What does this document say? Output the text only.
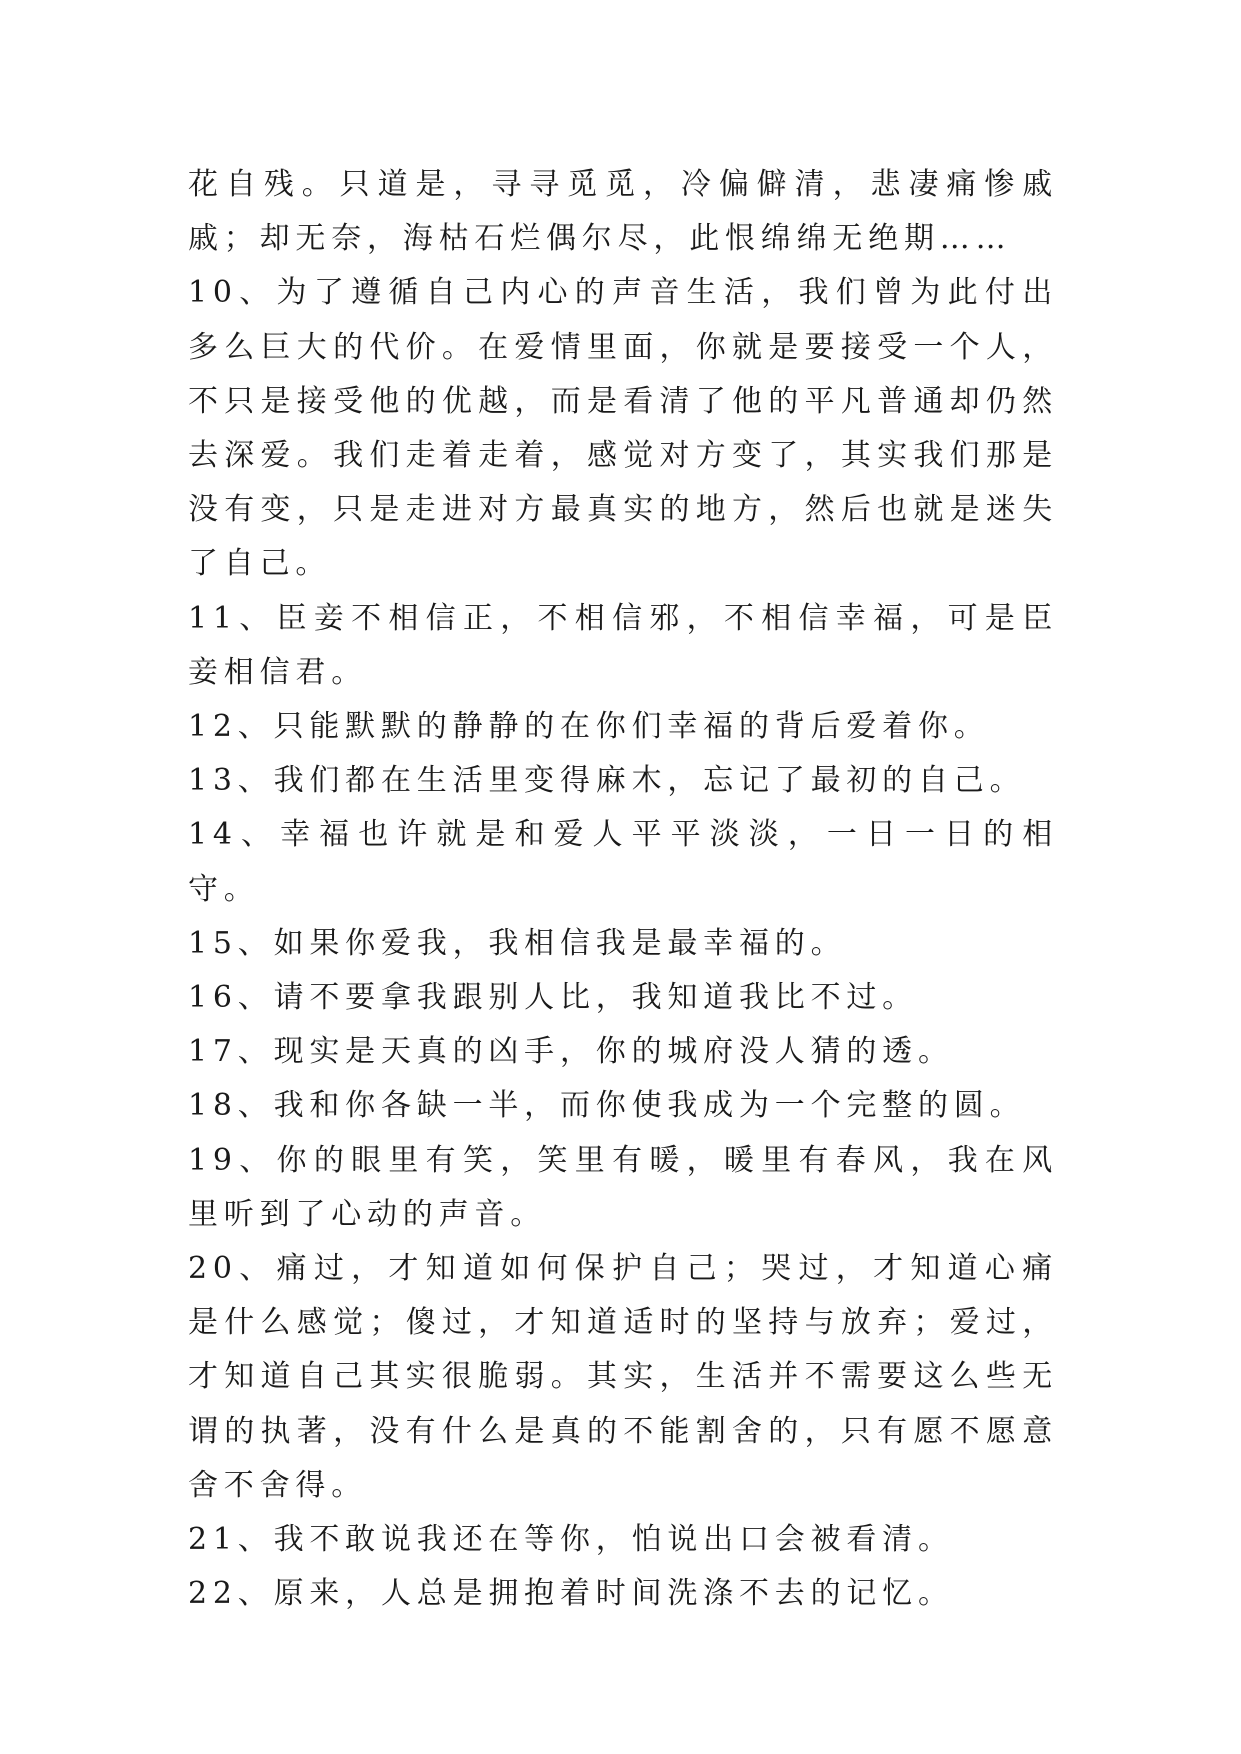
花自残。只道是，寻寻觅觅，冷偏僻清，悲凄痛惨戚戚；却无奈，海枯石烂偶尔尽，此恨绵绵无绝期……

10、为了遵循自己内心的声音生活，我们曾为此付出多么巨大的代价。在爱情里面，你就是要接受一个人，不只是接受他的优越，而是看清了他的平凡普通却仍然去深爱。我们走着走着，感觉对方变了，其实我们那是没有变，只是走进对方最真实的地方，然后也就是迷失了自己。

11、臣妾不相信正，不相信邪，不相信幸福，可是臣妾相信君。

12、只能默默的静静的在你们幸福的背后爱着你。

13、我们都在生活里变得麻木，忘记了最初的自己。

14、幸福也许就是和爱人平平淡淡，一日一日的相守。

15、如果你爱我，我相信我是最幸福的。

16、请不要拿我跟别人比，我知道我比不过。

17、现实是天真的凶手，你的城府没人猜的透。

18、我和你各缺一半，而你使我成为一个完整的圆。

19、你的眼里有笑，笑里有暖，暖里有春风，我在风里听到了心动的声音。

20、痛过，才知道如何保护自己；哭过，才知道心痛是什么感觉；傻过，才知道适时的坚持与放弃；爱过，才知道自己其实很脆弱。其实，生活并不需要这么些无谓的执著，没有什么是真的不能割舍的，只有愿不愿意舍不舍得。

21、我不敢说我还在等你，怕说出口会被看清。

22、原来，人总是拥抱着时间洗涤不去的记忆。
